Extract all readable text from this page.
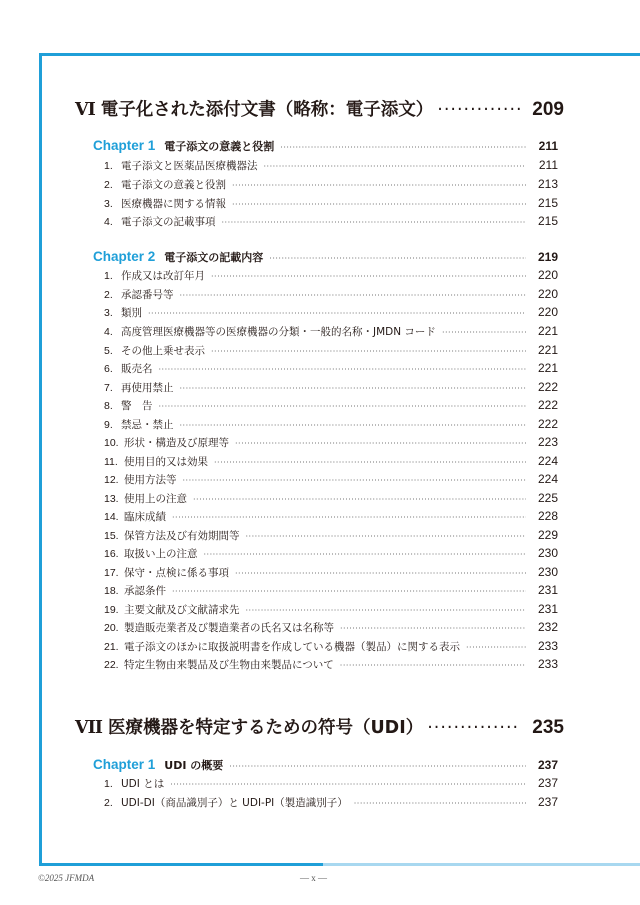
VI 電子化された添付文書（略称：電子添文） ·····	209
Chapter 1 電子添文の意義と役割 ·····	211
1. 電子添文と医薬品医療機器法 ·····	211
2. 電子添文の意義と役割 ·····	213
3. 医療機器に関する情報 ·····	215
4. 電子添文の記載事項 ·····	215
Chapter 2 電子添文の記載内容 ·····	219
1. 作成又は改訂年月 ·····	220
2. 承認番号等 ·····	220
3. 類別 ·····	220
4. 高度管理医療機器等の医療機器の分類・一般的名称・JMDN コード ·····	221
5. その他上乗せ表示 ·····	221
6. 販売名 ·····	221
7. 再使用禁止 ·····	222
8. 警　告 ·····	222
9. 禁忌・禁止 ·····	222
10. 形状・構造及び原理等 ·····	223
11. 使用目的又は効果 ·····	224
12. 使用方法等 ·····	224
13. 使用上の注意 ·····	225
14. 臨床成績 ·····	228
15. 保管方法及び有効期間等 ·····	229
16. 取扱い上の注意 ·····	230
17. 保守・点検に係る事項 ·····	230
18. 承認条件 ·····	231
19. 主要文献及び文献請求先 ·····	231
20. 製造販売業者及び製造業者の氏名又は名称等 ·····	232
21. 電子添文のほかに取扱説明書を作成している機器（製品）に関する表示 ·····	233
22. 特定生物由来製品及び生物由来製品について ·····	233
VII 医療機器を特定するための符号（UDI） ·····	235
Chapter 1 UDI の概要 ·····	237
1. UDI とは ·····	237
2. UDI-DI（商品識別子）と UDI-PI（製造識別子） ·····	237
©2025 JFMDA	— x —
